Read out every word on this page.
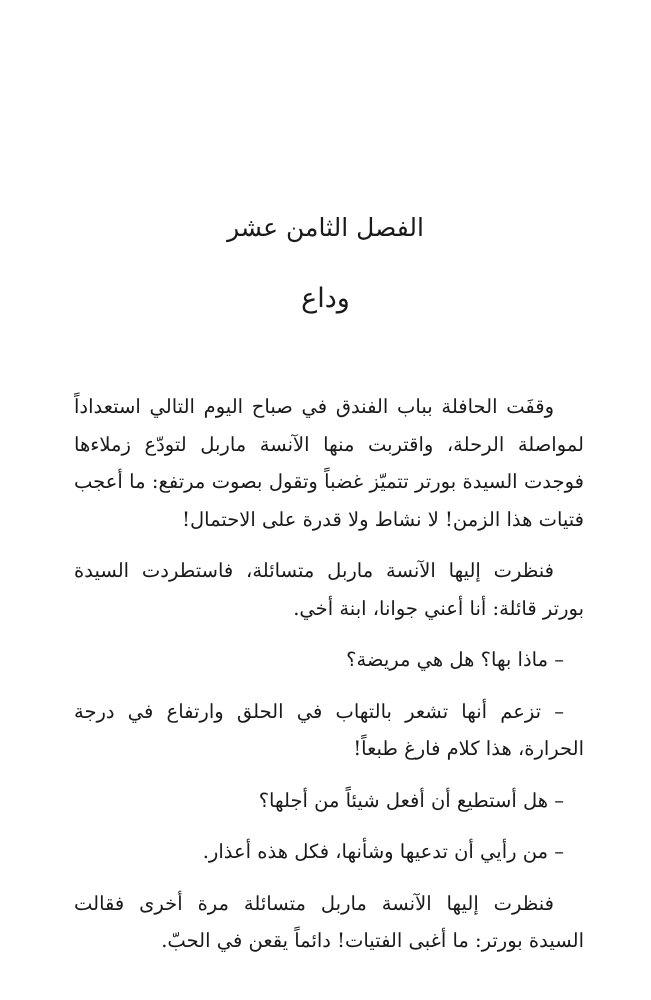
الفصل الثامن عشر
وداع

وقفَت الحافلة بباب الفندق في صباح اليوم التالي استعداداً لمواصلة الرحلة، واقتربت منها الآنسة ماربل لتودّع زملاءها فوجدت السيدة بورتر تتميّز غضباً وتقول بصوت مرتفع: ما أعجب فتيات هذا الزمن! لا نشاط ولا قدرة على الاحتمال!

فنظرت إليها الآنسة ماربل متسائلة، فاستطردت السيدة بورتر قائلة: أنا أعني جوانا، ابنة أخي.

– ماذا بها؟ هل هي مريضة؟

– تزعم أنها تشعر بالتهاب في الحلق وارتفاع في درجة الحرارة، هذا كلام فارغ طبعاً!

– هل أستطيع أن أفعل شيئاً من أجلها؟

– من رأيي أن تدعيها وشأنها، فكل هذه أعذار.

فنظرت إليها الآنسة ماربل متسائلة مرة أخرى فقالت السيدة بورتر: ما أغبى الفتيات! دائماً يقعن في الحبّ.
